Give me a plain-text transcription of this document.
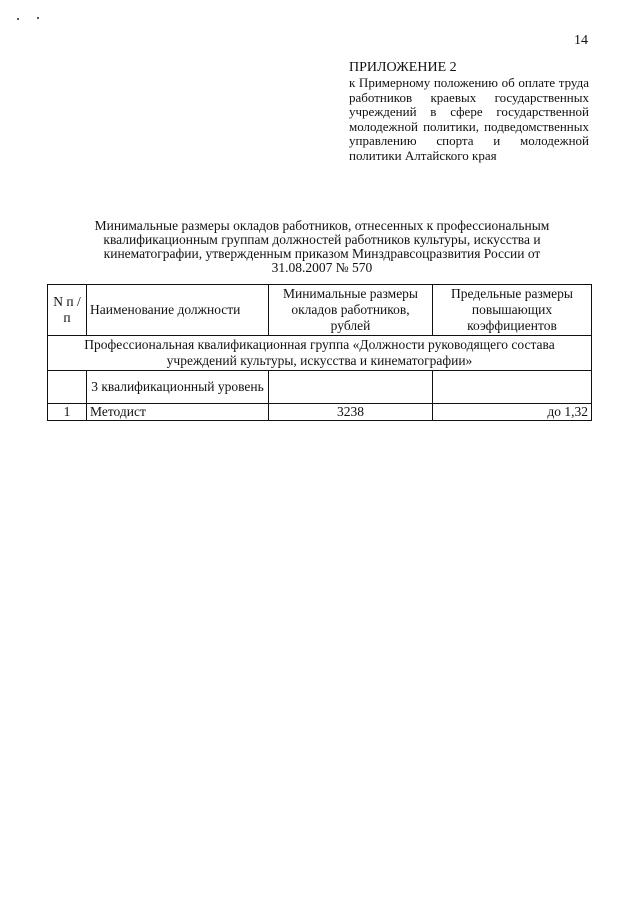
14
ПРИЛОЖЕНИЕ 2
к Примерному положению об оплате труда работников краевых государственных учреждений в сфере государственной молодежной политики, подведомственных управлению спорта и молодежной политики Алтайского края
Минимальные размеры окладов работников, отнесенных к профессиональным квалификационным группам должностей работников культуры, искусства и кинематографии, утвержденным приказом Минздравсоцразвития России от 31.08.2007 № 570
N п /п	Наименование должности	Минимальные размеры окладов работников, рублей	Предельные размеры повышающих коэффициентов
Профессиональная квалификационная группа «Должности руководящего состава учреждений культуры, искусства и кинематографии»			
	3 квалификационный уровень		
1	Методист	3238	до 1,32
